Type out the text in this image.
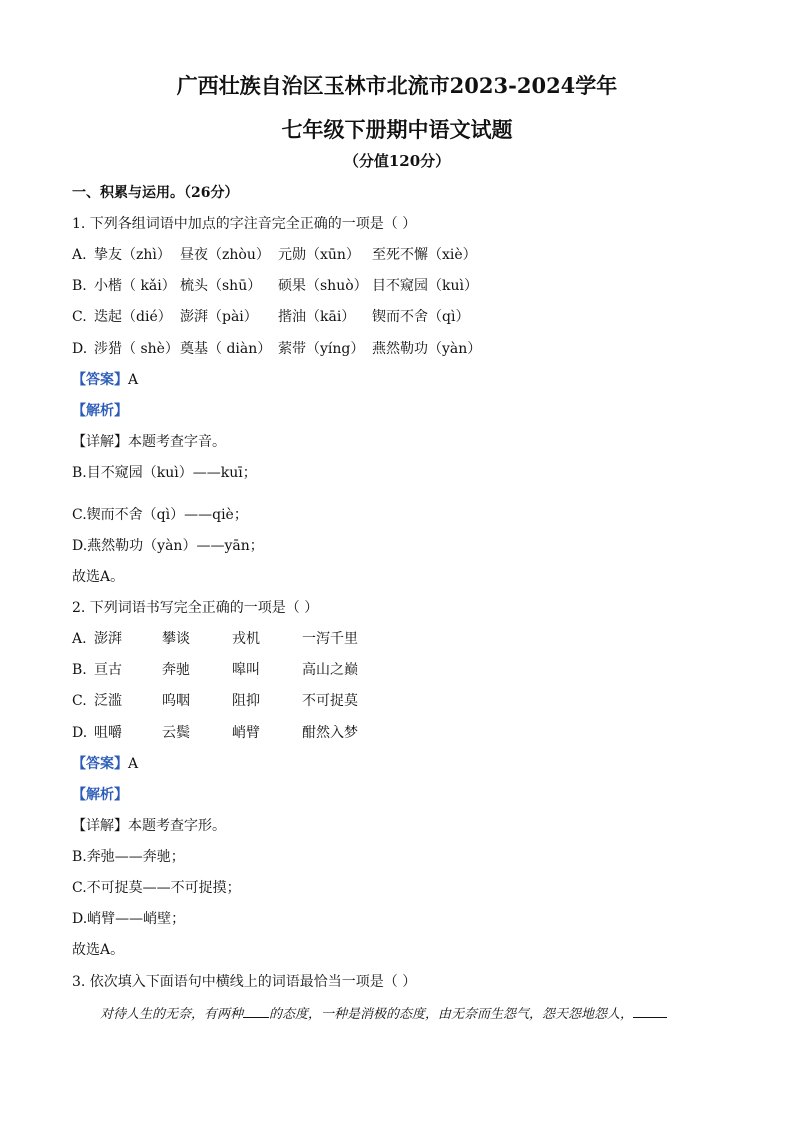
广西壮族自治区玉林市北流市2023-2024学年
七年级下册期中语文试题
（分值120分）
一、积累与运用。（26分）
1. 下列各组词语中加点的字注音完全正确的一项是（ ）
A. 挚友（zhì） 昼夜（zhòu） 元勋（xūn） 至死不懈（xiè）
B. 小楷（ kǎi） 梳头（shū） 硕果（shuò） 目不窥园（kuì）
C. 迭起（dié） 澎湃（pài） 揩油（kāi） 锲而不舍（qì）
D. 涉猎（ shè）奠基（ diàn） 萦带（yíng） 燕然勒功（yàn）
【答案】A
【解析】
【详解】本题考查字音。
B.目不窥园（kuì）——kuī；
C.锲而不舍（qì）——qiè；
D.燕然勒功（yàn）——yān；
故选A。
2. 下列词语书写完全正确的一项是（ ）
A. 澎湃	攀谈	戎机	一泻千里
B. 亘古	奔驰	嗥叫	高山之巅
C. 泛滥	呜咽	阻抑	不可捉莫
D. 咀嚼	云鬓	峭臂	酣然入梦
【答案】A
【解析】
【详解】本题考查字形。
B.奔弛——奔驰；
C.不可捉莫——不可捉摸；
D.峭臂——峭壁；
故选A。
3. 依次填入下面语句中横线上的词语最恰当一项是（ ）
对待人生的无奈，有两种 的态度，一种是消极的态度，由无奈而生怨气，怨天怨地怨人，
